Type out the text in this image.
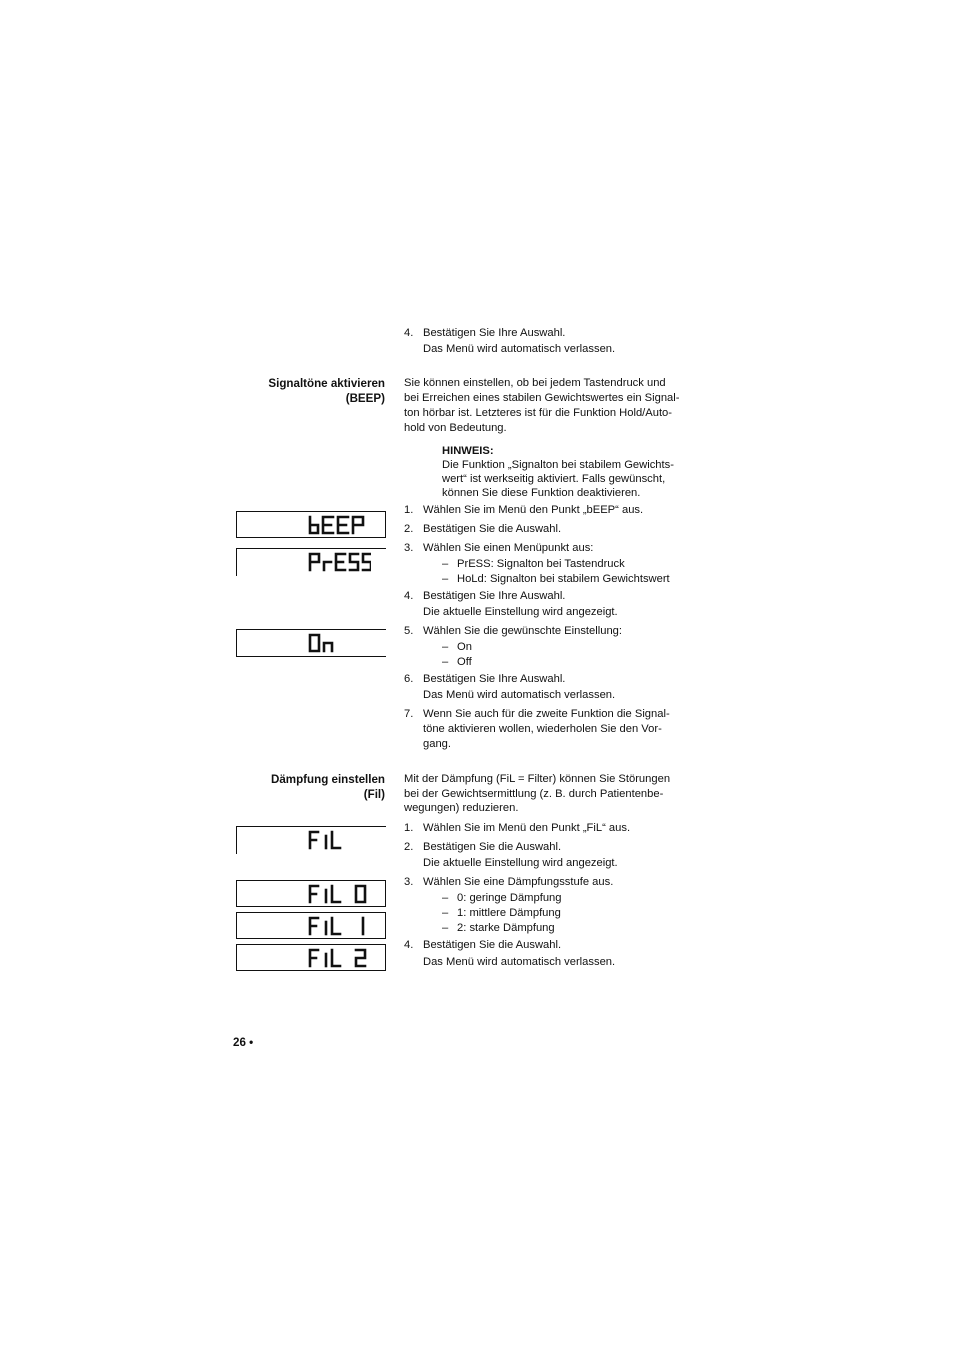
4. Bestätigen Sie Ihre Auswahl.
Das Menü wird automatisch verlassen.
Signaltöne aktivieren
(BEEP)
Sie können einstellen, ob bei jedem Tastendruck und
bei Erreichen eines stabilen Gewichtswertes ein Signal-
ton hörbar ist. Letzteres ist für die Funktion Hold/Auto-
hold von Bedeutung.
HINWEIS:
Die Funktion „Signalton bei stabilem Gewichts-
wert“ ist werkseitig aktiviert. Falls gewünscht,
können Sie diese Funktion deaktivieren.
1. Wählen Sie im Menü den Punkt „bEEP“ aus.
2. Bestätigen Sie die Auswahl.
3. Wählen Sie einen Menüpunkt aus:
– PrESS: Signalton bei Tastendruck
– HoLd: Signalton bei stabilem Gewichtswert
4. Bestätigen Sie Ihre Auswahl.
Die aktuelle Einstellung wird angezeigt.
5. Wählen Sie die gewünschte Einstellung:
– On
– Off
6. Bestätigen Sie Ihre Auswahl.
Das Menü wird automatisch verlassen.
7. Wenn Sie auch für die zweite Funktion die Signal-
töne aktivieren wollen, wiederholen Sie den Vor-
gang.
Dämpfung einstellen
(Fil)
Mit der Dämpfung (FiL = Filter) können Sie Störungen
bei der Gewichtsermittlung (z. B. durch Patientenbe-
wegungen) reduzieren.
1. Wählen Sie im Menü den Punkt „FiL“ aus.
2. Bestätigen Sie die Auswahl.
Die aktuelle Einstellung wird angezeigt.
3. Wählen Sie eine Dämpfungsstufe aus.
– 0: geringe Dämpfung
– 1: mittlere Dämpfung
– 2: starke Dämpfung
4. Bestätigen Sie die Auswahl.
Das Menü wird automatisch verlassen.
26 •
